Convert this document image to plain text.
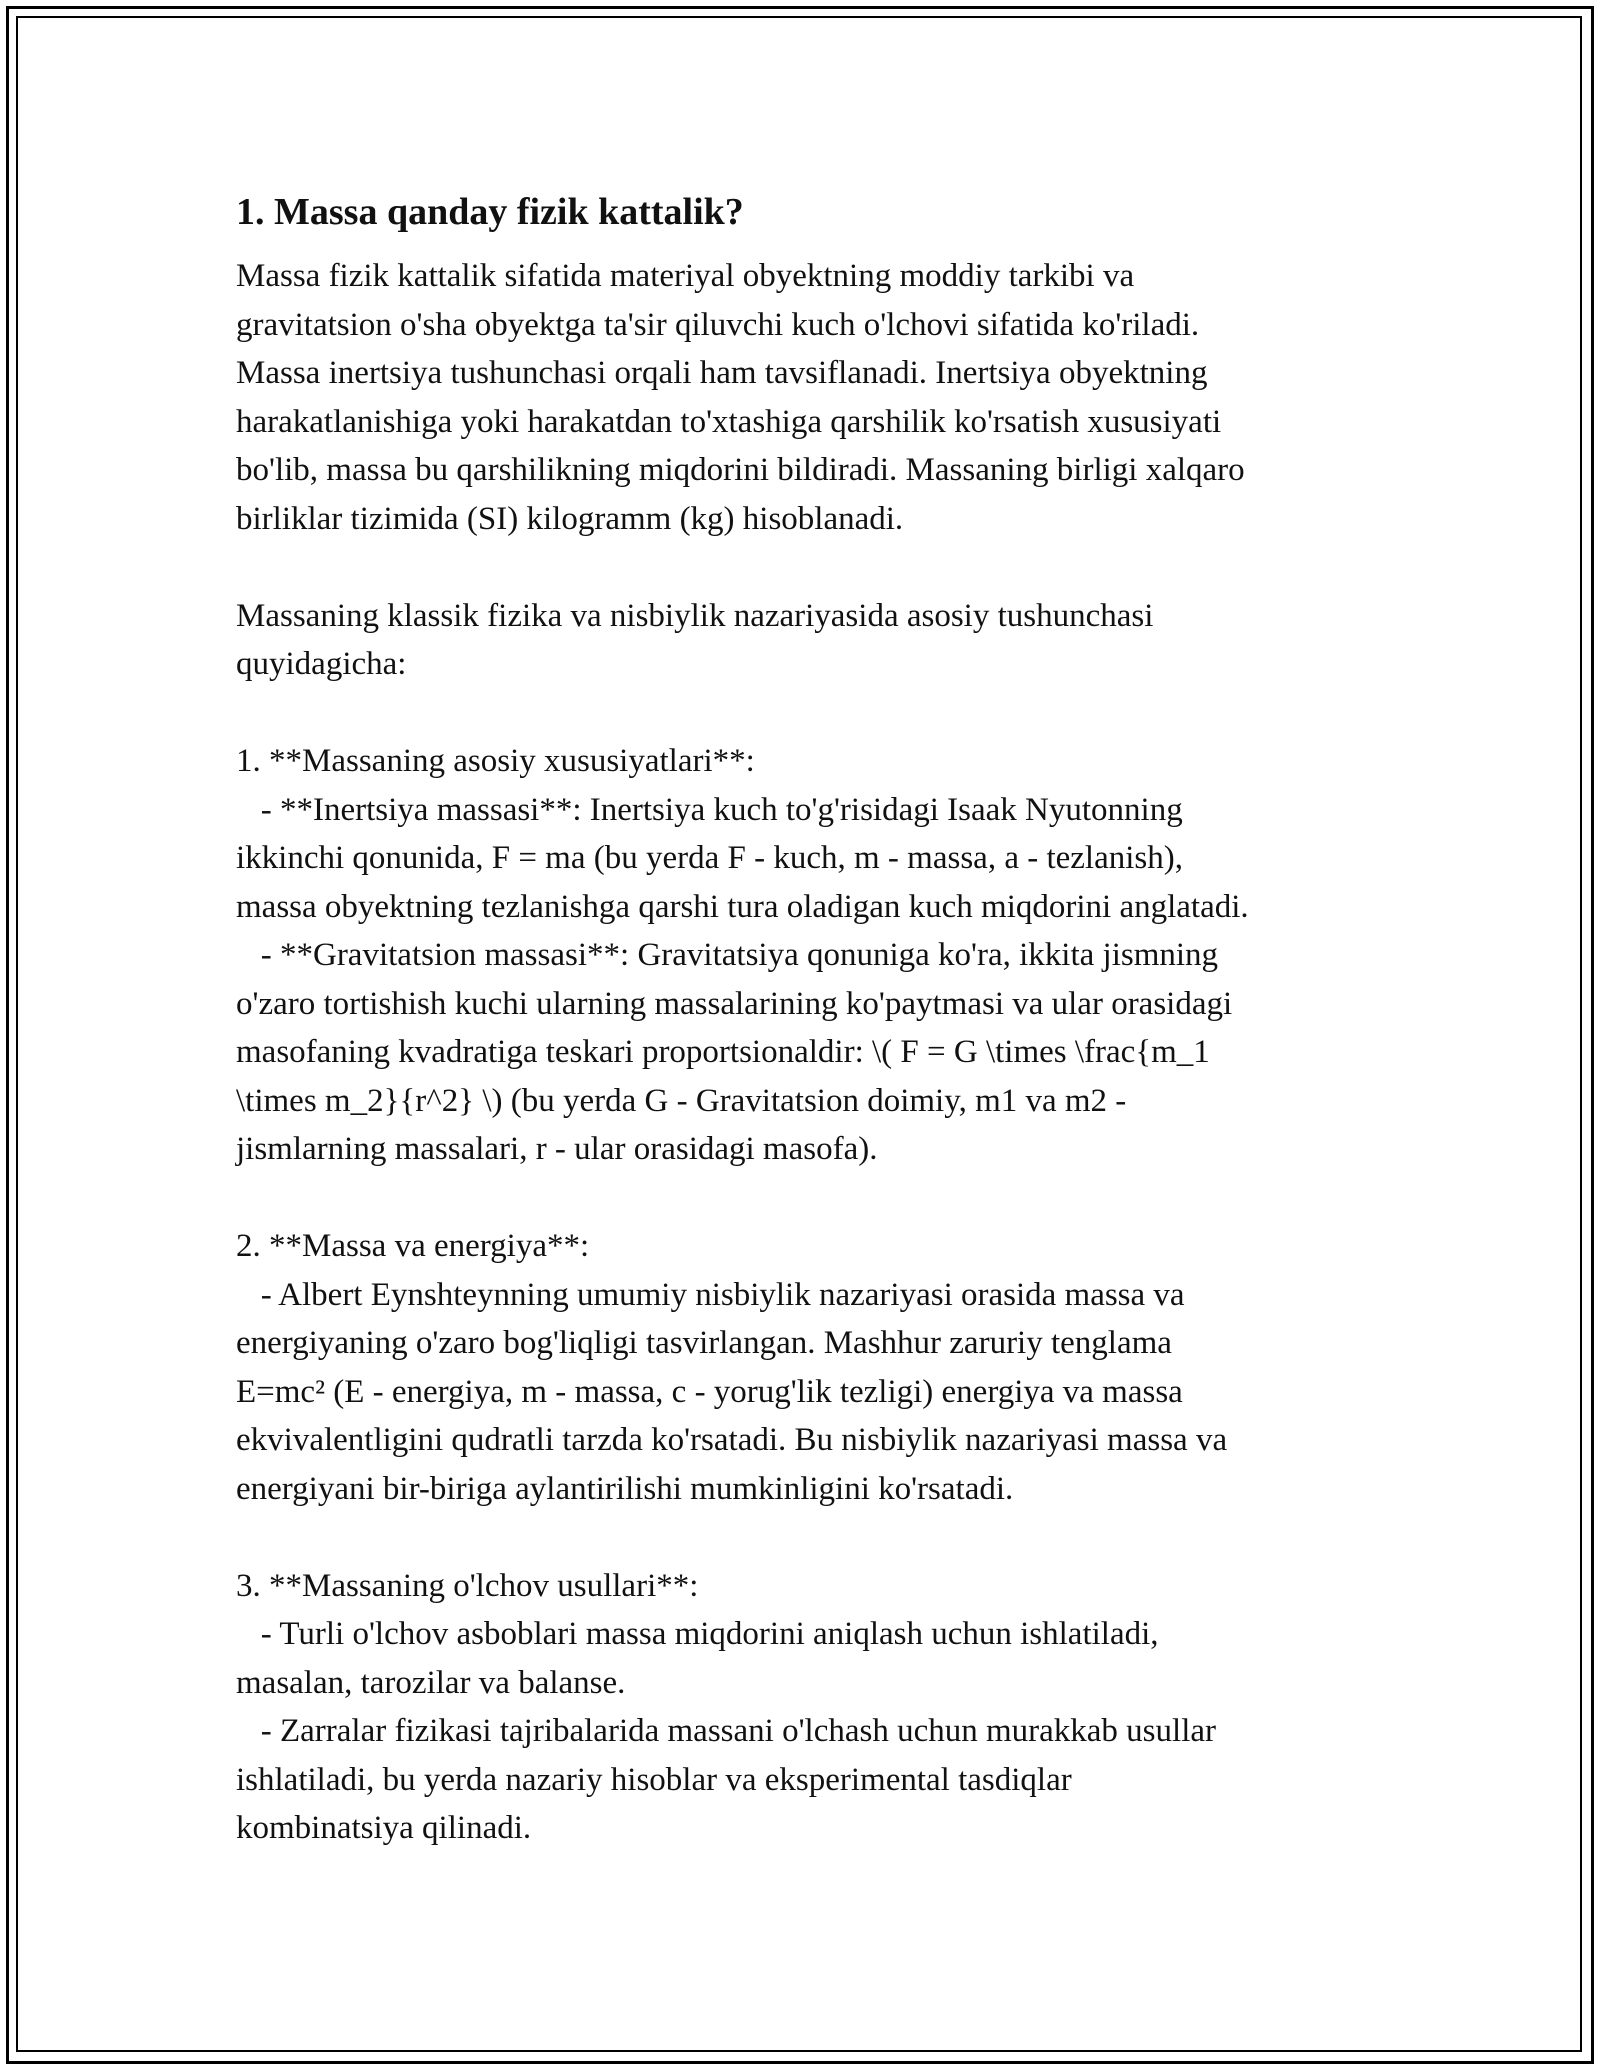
1. Massa qanday fizik kattalik?

Massa fizik kattalik sifatida materiyal obyektning moddiy tarkibi va
gravitatsion o'sha obyektga ta'sir qiluvchi kuch o'lchovi sifatida ko'riladi.
Massa inertsiya tushunchasi orqali ham tavsiflanadi. Inertsiya obyektning
harakatlanishiga yoki harakatdan to'xtashiga qarshilik ko'rsatish xususiyati
bo'lib, massa bu qarshilikning miqdorini bildiradi. Massaning birligi xalqaro
birliklar tizimida (SI) kilogramm (kg) hisoblanadi.

Massaning klassik fizika va nisbiylik nazariyasida asosiy tushunchasi
quyidagicha:

1. **Massaning asosiy xususiyatlari**:
- **Inertsiya massasi**: Inertsiya kuch to'g'risidagi Isaak Nyutonning
ikkinchi qonunida, F = ma (bu yerda F - kuch, m - massa, a - tezlanish),
massa obyektning tezlanishga qarshi tura oladigan kuch miqdorini anglatadi.
- **Gravitatsion massasi**: Gravitatsiya qonuniga ko'ra, ikkita jismning
o'zaro tortishish kuchi ularning massalarining ko'paytmasi va ular orasidagi
masofaning kvadratiga teskari proportsionaldir: \( F = G \times \frac{m_1
\times m_2}{r^2} \) (bu yerda G - Gravitatsion doimiy, m1 va m2 -
jismlarning massalari, r - ular orasidagi masofa).

2. **Massa va energiya**:
- Albert Eynshteynning umumiy nisbiylik nazariyasi orasida massa va
energiyaning o'zaro bog'liqligi tasvirlangan. Mashhur zaruriy tenglama
E=mc² (E - energiya, m - massa, c - yorug'lik tezligi) energiya va massa
ekvivalentligini qudratli tarzda ko'rsatadi. Bu nisbiylik nazariyasi massa va
energiyani bir-biriga aylantirilishi mumkinligini ko'rsatadi.

3. **Massaning o'lchov usullari**:
- Turli o'lchov asboblari massa miqdorini aniqlash uchun ishlatiladi,
masalan, tarozilar va balanse.
- Zarralar fizikasi tajribalarida massani o'lchash uchun murakkab usullar
ishlatiladi, bu yerda nazariy hisoblar va eksperimental tasdiqlar
kombinatsiya qilinadi.
